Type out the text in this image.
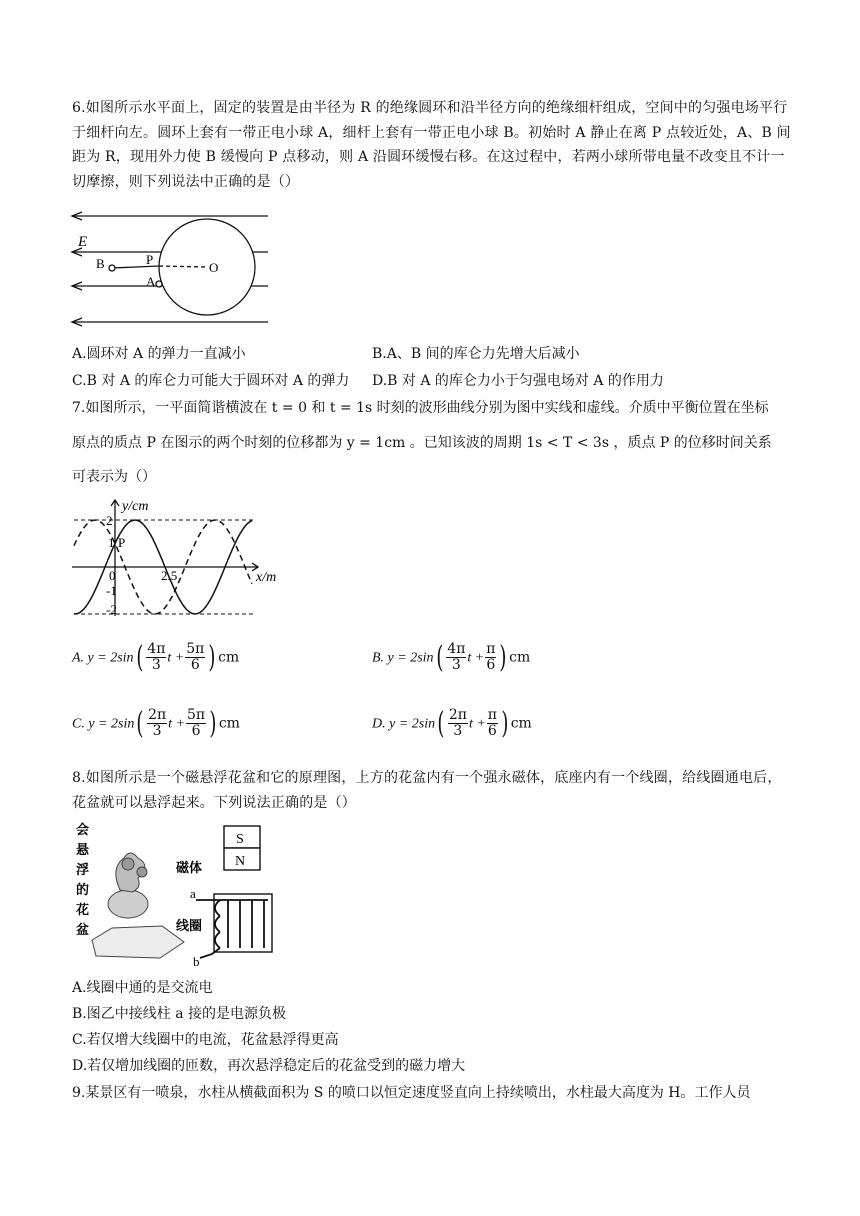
6.如图所示水平面上，固定的装置是由半径为 R 的绝缘圆环和沿半径方向的绝缘细杆组成，空间中的匀强电场平行于细杆向左。圆环上套有一带正电小球 A，细杆上套有一带正电小球 B。初始时 A 静止在离 P 点较近处，A、B 间距为 R，现用外力使 B 缓慢向 P 点移动，则 A 沿圆环缓慢右移。在这过程中，若两小球所带电量不改变且不计一切摩擦，则下列说法中正确的是（）
E
B	P
A
O
A.圆环对 A 的弹力一直减小	B.A、B 间的库仑力先增大后减小
C.B 对 A 的库仑力可能大于圆环对 A 的弹力 D.B 对 A 的库仑力小于匀强电场对 A 的作用力
7.如图所示，一平面简谐横波在 t = 0 和 t = 1s 时刻的波形曲线分别为图中实线和虚线。介质中平衡位置在坐标
原点的质点 P 在图示的两个时刻的位移都为 y = 1cm 。已知该波的周期 1s < T < 3s ，质点 P 的位移时间关系
可表示为（）
y/cm
x/m
2
1 P
0
-1
-2
2.5
A. $y = 2\sin( \frac{4\pi}{3}$ $t + \frac{5\pi}{6}$ ) cm	B. $y = 2\sin( \frac{4\pi}{3}$ $t + \frac{\pi}{6}$ ) cm
C. $y = 2\sin( \frac{2\pi}{3}$ $t + \frac{5\pi}{6}$ ) cm	D. $y = 2\sin( \frac{2\pi}{3}$ $t + \frac{\pi}{6}$ ) cm
8.如图所示是一个磁悬浮花盆和它的原理图，上方的花盆内有一个强永磁体，底座内有一个线圈，给线圈通电后，花盆就可以悬浮起来。下列说法正确的是（）
会悬浮的花盆
S
N
磁体
线圈
a
b
A.线圈中通的是交流电
B.图乙中接线柱 a 接的是电源负极
C.若仅增大线圈中的电流，花盆悬浮得更高
D.若仅增加线圈的匝数，再次悬浮稳定后的花盆受到的磁力增大
9.某景区有一喷泉，水柱从横截面积为 S 的喷口以恒定速度竖直向上持续喷出，水柱最大高度为 H。工作人员
